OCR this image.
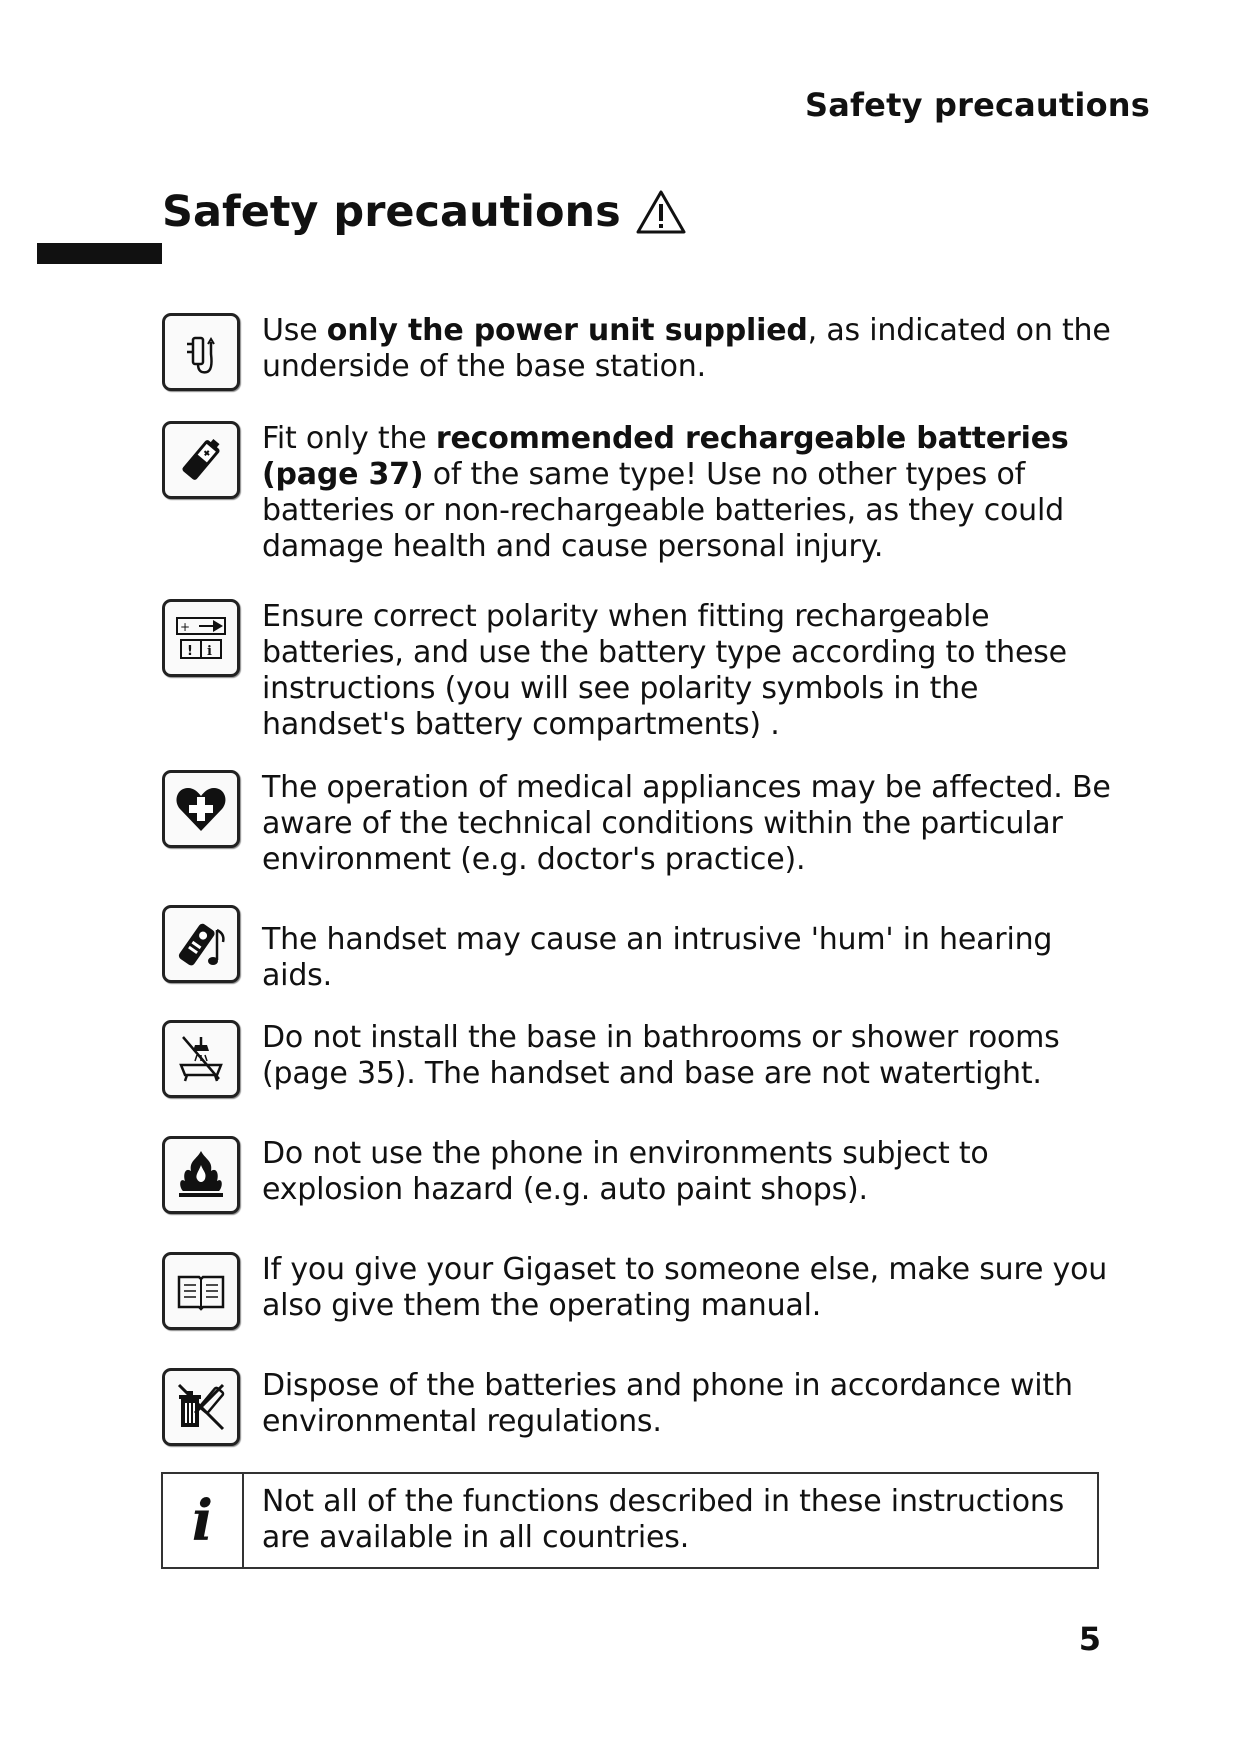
Safety precautions
Safety precautions
Use only the power unit supplied, as indicated on the underside of the base station.
Fit only the recommended rechargeable batteries (page 37) of the same type! Use no other types of batteries or non-rechargeable batteries, as they could damage health and cause personal injury.
+
! i
Ensure correct polarity when fitting rechargeable batteries, and use the battery type according to these instructions (you will see polarity symbols in the handset's battery compartments) .
The operation of medical appliances may be affected. Be aware of the technical conditions within the particular environment (e.g. doctor's practice).
The handset may cause an intrusive 'hum' in hearing aids.
Do not install the base in bathrooms or shower rooms (page 35). The handset and base are not watertight.
Do not use the phone in environments subject to explosion hazard (e.g. auto paint shops).
If you give your Gigaset to someone else, make sure you also give them the operating manual.
Dispose of the batteries and phone in accordance with environmental regulations.
i	Not all of the functions described in these instructions are available in all countries.
5
